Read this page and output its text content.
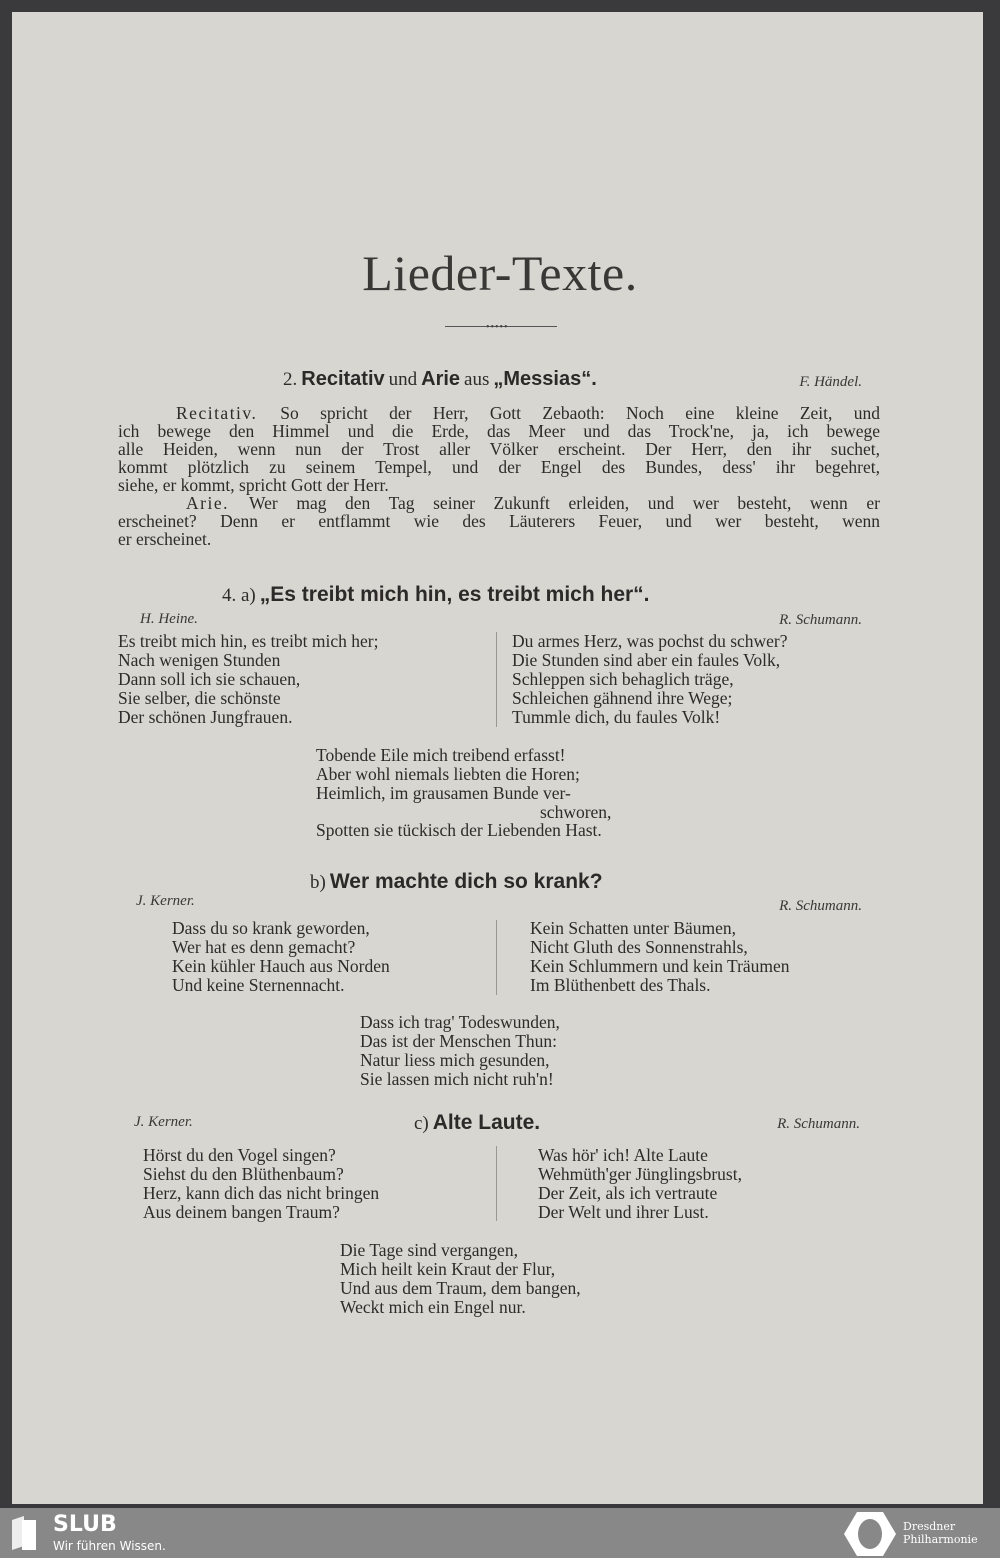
Lieder-Texte.
•••••
2. Recitativ und Arie aus „Messias“.	F. Händel.
Recitativ. So spricht der Herr, Gott Zebaoth: Noch eine kleine Zeit, und
ich bewege den Himmel und die Erde, das Meer und das Trock'ne, ja, ich bewege
alle Heiden, wenn nun der Trost aller Völker erscheint. Der Herr, den ihr suchet,
kommt plötzlich zu seinem Tempel, und der Engel des Bundes, dess' ihr begehret,
siehe, er kommt, spricht Gott der Herr.
Arie. Wer mag den Tag seiner Zukunft erleiden, und wer besteht, wenn er
erscheinet? Denn er entflammt wie des Läuterers Feuer, und wer besteht, wenn
er erscheinet.
4. a) „Es treibt mich hin, es treibt mich her“.
H. Heine.	R. Schumann.
b) Wer machte dich so krank?
J. Kerner.	R. Schumann.
J. Kerner.	c) Alte Laute.	R. Schumann.
Es treibt mich hin, es treibt mich her;
Nach wenigen Stunden
Dann soll ich sie schauen,
Sie selber, die schönste
Der schönen Jungfrauen.
Du armes Herz, was pochst du schwer?
Die Stunden sind aber ein faules Volk,
Schleppen sich behaglich träge,
Schleichen gähnend ihre Wege;
Tummle dich, du faules Volk!
Tobende Eile mich treibend erfasst!
Aber wohl niemals liebten die Horen;
Heimlich, im grausamen Bunde ver-
schworen,
Spotten sie tückisch der Liebenden Hast.
Dass du so krank geworden,
Wer hat es denn gemacht?
Kein kühler Hauch aus Norden
Und keine Sternennacht.
Kein Schatten unter Bäumen,
Nicht Gluth des Sonnenstrahls,
Kein Schlummern und kein Träumen
Im Blüthenbett des Thals.
Dass ich trag' Todeswunden,
Das ist der Menschen Thun:
Natur liess mich gesunden,
Sie lassen mich nicht ruh'n!
Hörst du den Vogel singen?
Siehst du den Blüthenbaum?
Herz, kann dich das nicht bringen
Aus deinem bangen Traum?
Was hör' ich! Alte Laute
Wehmüth'ger Jünglingsbrust,
Der Zeit, als ich vertraute
Der Welt und ihrer Lust.
Die Tage sind vergangen,
Mich heilt kein Kraut der Flur,
Und aus dem Traum, dem bangen,
Weckt mich ein Engel nur.
SLUB
Wir führen Wissen.
Dresdner
Philharmonie
